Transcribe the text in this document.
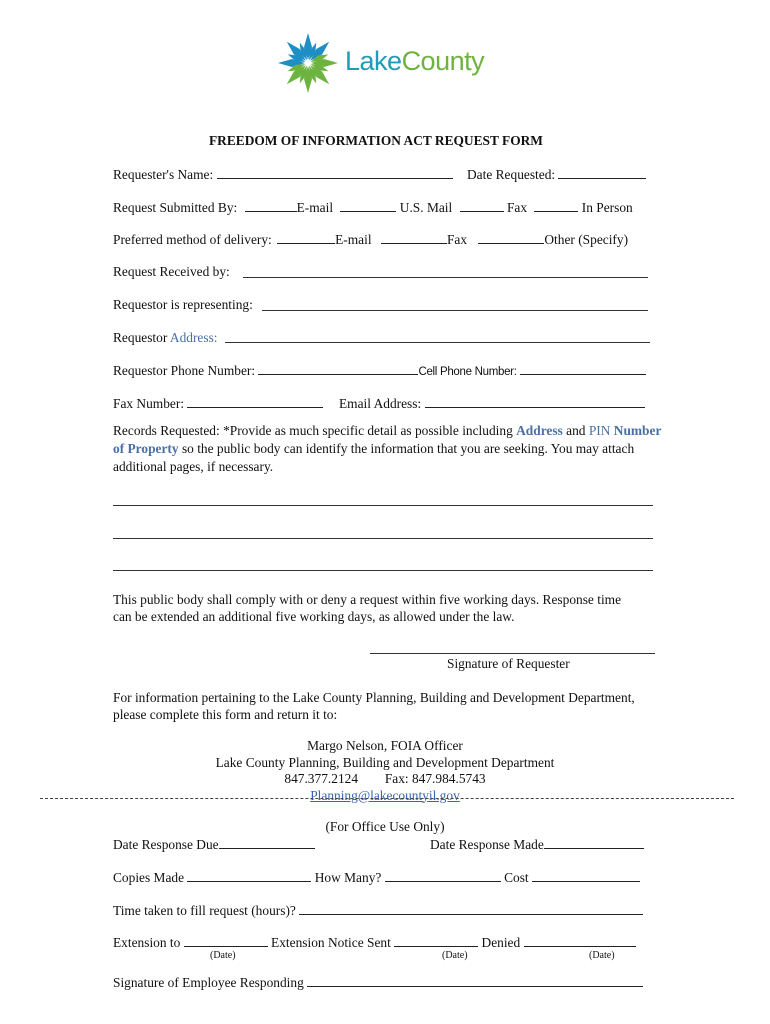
LakeCounty
FREEDOM OF INFORMATION ACT REQUEST FORM
Requester's Name:	Date Requested:
Request Submitted By:	E-mail	U.S. Mail	Fax	In Person
Preferred method of delivery:	E-mail	Fax	Other (Specify)
Request Received by:
Requestor is representing:
Requestor Address:
Requestor Phone Number:	Cell Phone Number:
Fax Number:	Email Address:
Records Requested: *Provide as much specific detail as possible including Address and PIN Number
of Property so the public body can identify the information that you are seeking. You may attach
additional pages, if necessary.
This public body shall comply with or deny a request within five working days. Response time
can be extended an additional five working days, as allowed under the law.
Signature of Requester
For information pertaining to the Lake County Planning, Building and Development Department,
please complete this form and return it to:
Margo Nelson, FOIA Officer
Lake County Planning, Building and Development Department
847.377.2124 Fax: 847.984.5743
Planning@lakecountyil.gov
(For Office Use Only)
Date Response Due	Date Response Made
Copies Made	How Many?	Cost
Time taken to fill request (hours)?
Extension to	Extension Notice Sent	Denied
(Date)	(Date)	(Date)
Signature of Employee Responding
